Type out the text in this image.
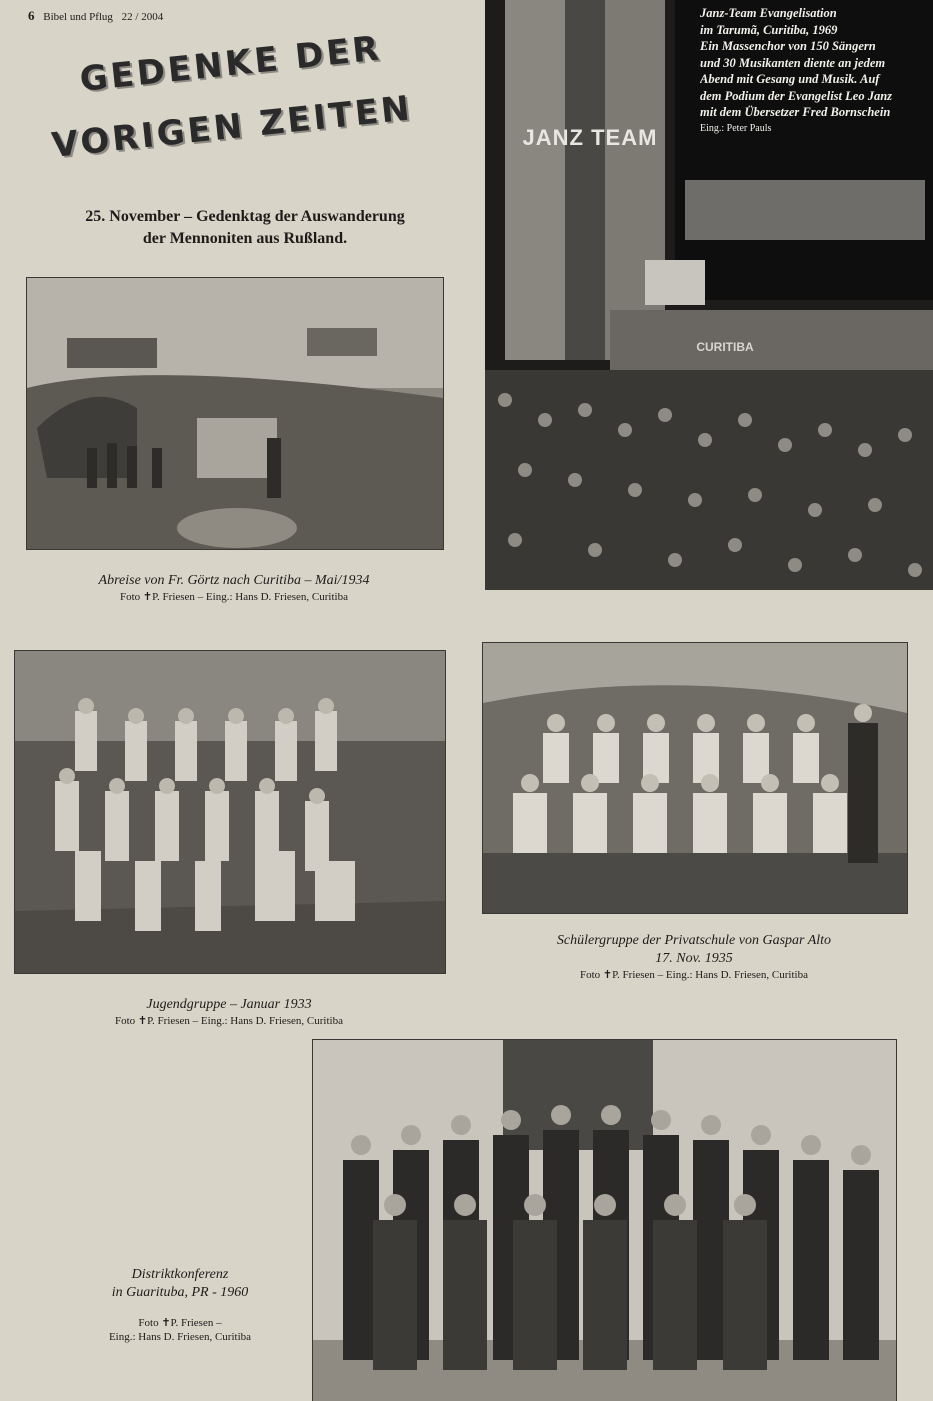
6 Bibel und Pflug 22 / 2004
GEDENKE DER
VORIGEN ZEITEN
25. November – Gedenktag der Auswanderung
der Mennoniten aus Rußland.
Abreise von Fr. Görtz nach Curitiba – Mai/1934
Foto ✝P. Friesen – Eing.: Hans D. Friesen, Curitiba
JANZ TEAM
CURITIBA
Janz-Team Evangelisation
im Tarumã, Curitiba, 1969
Ein Massenchor von 150 Sängern
und 30 Musikanten diente an jedem
Abend mit Gesang und Musik. Auf
dem Podium der Evangelist Leo Janz
mit dem Übersetzer Fred Bornschein
Eing.: Peter Pauls
Jugendgruppe – Januar 1933
Foto ✝P. Friesen – Eing.: Hans D. Friesen, Curitiba
Schülergruppe der Privatschule von Gaspar Alto
17. Nov. 1935
Foto ✝P. Friesen – Eing.: Hans D. Friesen, Curitiba
Distriktkonferenz
in Guarituba, PR - 1960
Foto ✝P. Friesen –
Eing.: Hans D. Friesen, Curitiba
